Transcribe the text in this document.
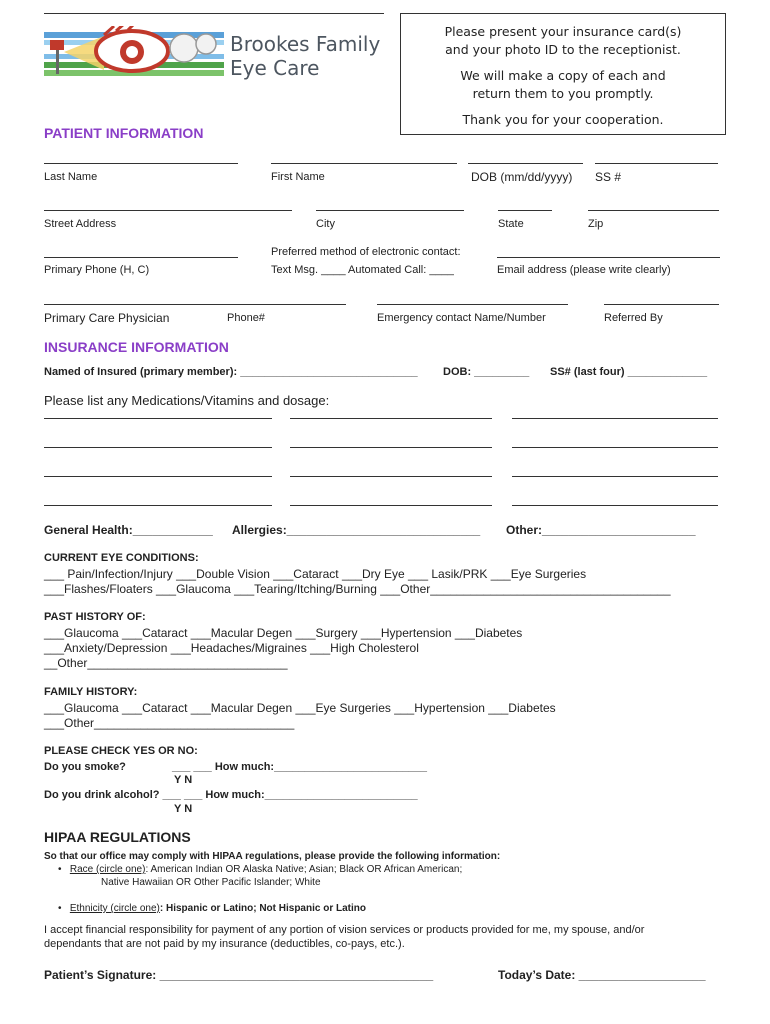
Brookes Family
Eye Care
Please present your insurance card(s)
and your photo ID to the receptionist.
We will make a copy of each and
return them to you promptly.
Thank you for your cooperation.
PATIENT INFORMATION
Last Name	First Name	DOB (mm/dd/yyyy) SS #
Street Address	City	State	Zip
Preferred method of electronic contact:
Primary Phone (H, C)	Text Msg. ____ Automated Call: ____	Email address (please write clearly)
Primary Care Physician	Phone#	Emergency contact Name/Number	Referred By
INSURANCE INFORMATION
Named of Insured (primary member): _____________________________ DOB: _________ SS# (last four) _____________
Please list any Medications/Vitamins and dosage:
General Health:____________ Allergies:_____________________________ Other:_______________________
CURRENT EYE CONDITIONS:
___ Pain/Infection/Injury ___Double Vision ___Cataract ___Dry Eye ___ Lasik/PRK ___Eye Surgeries
___Flashes/Floaters ___Glaucoma ___Tearing/Itching/Burning ___Other____________________________________
PAST HISTORY OF:
___Glaucoma ___Cataract ___Macular Degen ___Surgery ___Hypertension ___Diabetes
___Anxiety/Depression ___Headaches/Migraines ___High Cholesterol
__Other______________________________
FAMILY HISTORY:
___Glaucoma ___Cataract ___Macular Degen ___Eye Surgeries ___Hypertension ___Diabetes
___Other______________________________
PLEASE CHECK YES OR NO:
Do you smoke?	___ ___ How much:_________________________
Y N
Do you drink alcohol? ___ ___ How much:_________________________
Y N
HIPAA REGULATIONS
So that our office may comply with HIPAA regulations, please provide the following information:
•   Race (circle one): American Indian OR Alaska Native; Asian; Black OR African American;
Native Hawaiian OR Other Pacific Islander; White
•   Ethnicity (circle one): Hispanic or Latino; Not Hispanic or Latino
I accept financial responsibility for payment of any portion of vision services or products provided for me, my spouse, and/or
dependants that are not paid by my insurance (deductibles, co-pays, etc.).
Patient’s Signature: _________________________________________	Today’s Date: ___________________
